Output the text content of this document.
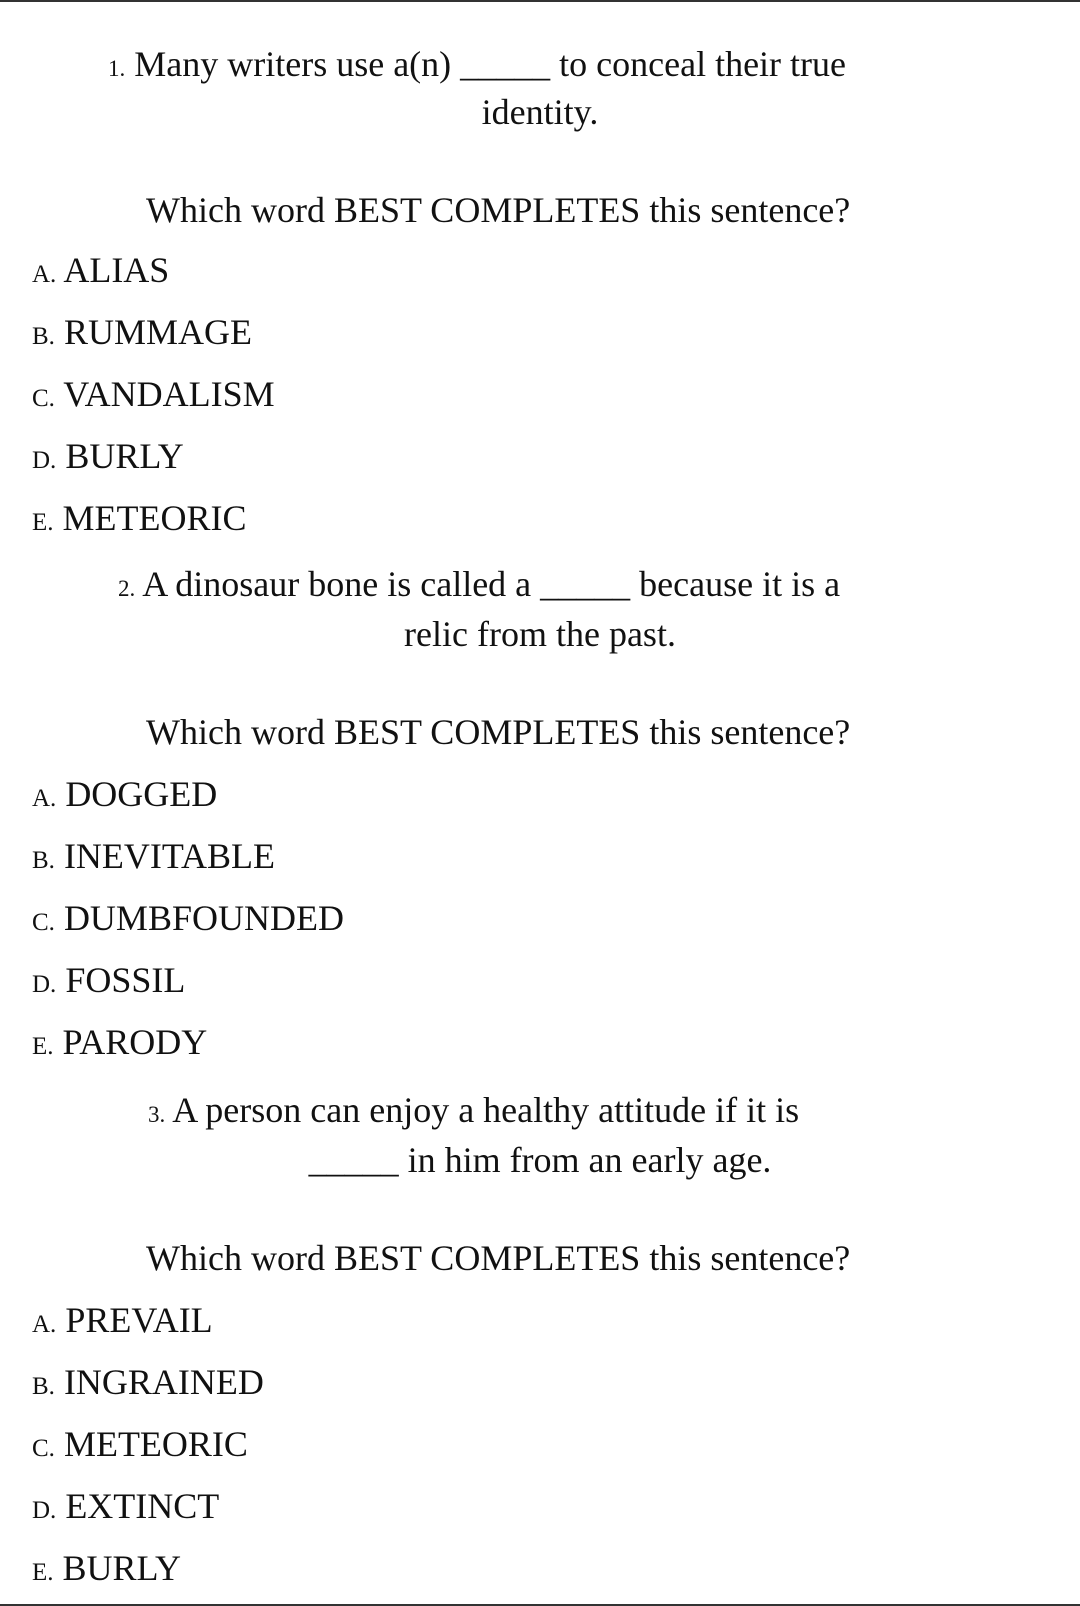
1. Many writers use a(n) _____ to conceal their true
identity.
Which word BEST COMPLETES this sentence?
A. ALIAS
B. RUMMAGE
C. VANDALISM
D. BURLY
E. METEORIC
2. A dinosaur bone is called a _____ because it is a
relic from the past.
Which word BEST COMPLETES this sentence?
A. DOGGED
B. INEVITABLE
C. DUMBFOUNDED
D. FOSSIL
E. PARODY
3. A person can enjoy a healthy attitude if it is
_____ in him from an early age.
Which word BEST COMPLETES this sentence?
A. PREVAIL
B. INGRAINED
C. METEORIC
D. EXTINCT
E. BURLY
